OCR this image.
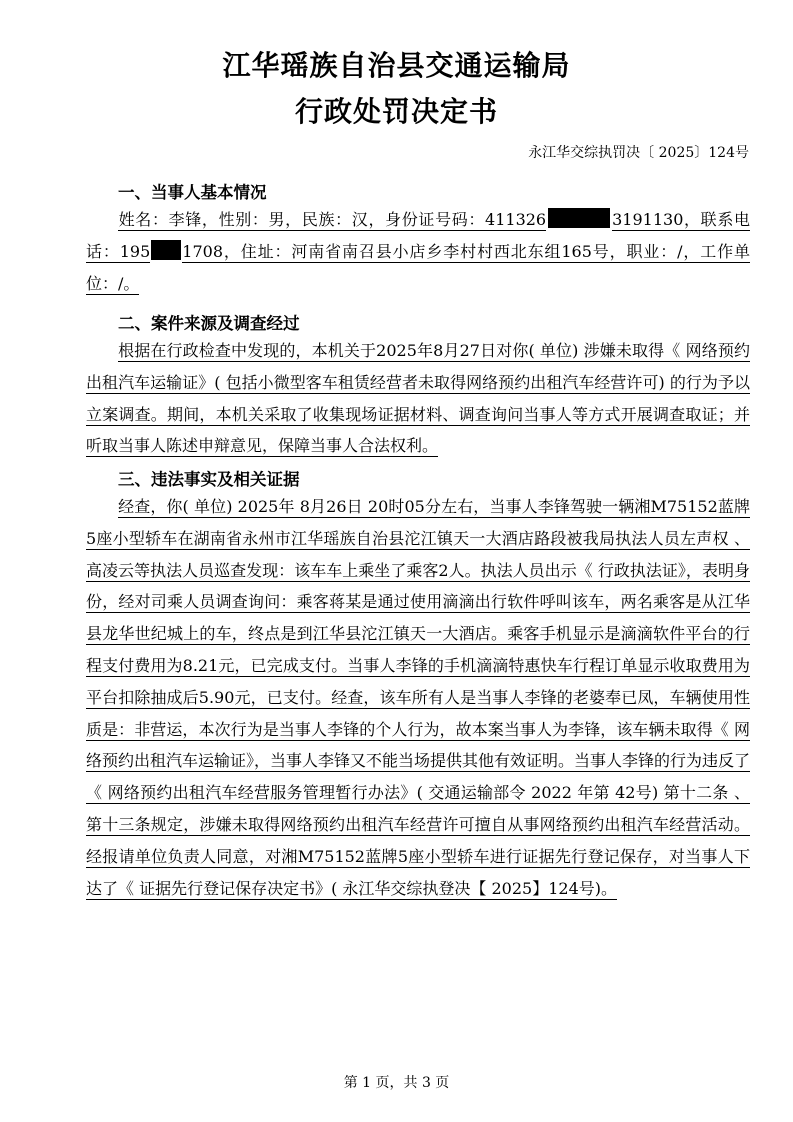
江华瑶族自治县交通运输局
行政处罚决定书
永江华交综执罚决〔 2025〕124号
一、当事人基本情况
姓名：李锋，性别：男，民族：汉，身份证号码：411326	3191130，联系电话：195 1708，住址：河南省南召县小店乡李村村西北东组165号，职业：/，工作单位：/。
二、案件来源及调查经过
根据在行政检查中发现的，本机关于2025年8月27日对你( 单位) 涉嫌未取得《 网络预约出租汽车运输证》( 包括小微型客车租赁经营者未取得网络预约出租汽车经营许可) 的行为予以立案调查。期间，本机关采取了收集现场证据材料、调查询问当事人等方式开展调查取证；并听取当事人陈述申辩意见，保障当事人合法权利。
三、违法事实及相关证据
经查，你( 单位) 2025年 8月26日 20时05分左右，当事人李锋驾驶一辆湘M75152蓝牌5座小型轿车在湖南省永州市江华瑶族自治县沱江镇天一大酒店路段被我局执法人员左声权 、高凌云等执法人员巡查发现：该车车上乘坐了乘客2人。执法人员出示《 行政执法证》，表明身份，经对司乘人员调查询问：乘客蒋某是通过使用滴滴出行软件呼叫该车，两名乘客是从江华县龙华世纪城上的车，终点是到江华县沱江镇天一大酒店。乘客手机显示是滴滴软件平台的行程支付费用为8.21元，已完成支付。当事人李锋的手机滴滴特惠快车行程订单显示收取费用为平台扣除抽成后5.90元，已支付。经查，该车所有人是当事人李锋的老婆奉已凤，车辆使用性质是：非营运，本次行为是当事人李锋的个人行为，故本案当事人为李锋，该车辆未取得《 网络预约出租汽车运输证》，当事人李锋又不能当场提供其他有效证明。当事人李锋的行为违反了《 网络预约出租汽车经营服务管理暂行办法》( 交通运输部令 2022 年第 42号) 第十二条 、第十三条规定，涉嫌未取得网络预约出租汽车经营许可擅自从事网络预约出租汽车经营活动。经报请单位负责人同意，对湘M75152蓝牌5座小型轿车进行证据先行登记保存，对当事人下达了《 证据先行登记保存决定书》( 永江华交综执登决【 2025】124号)。
第 1 页，共 3 页
